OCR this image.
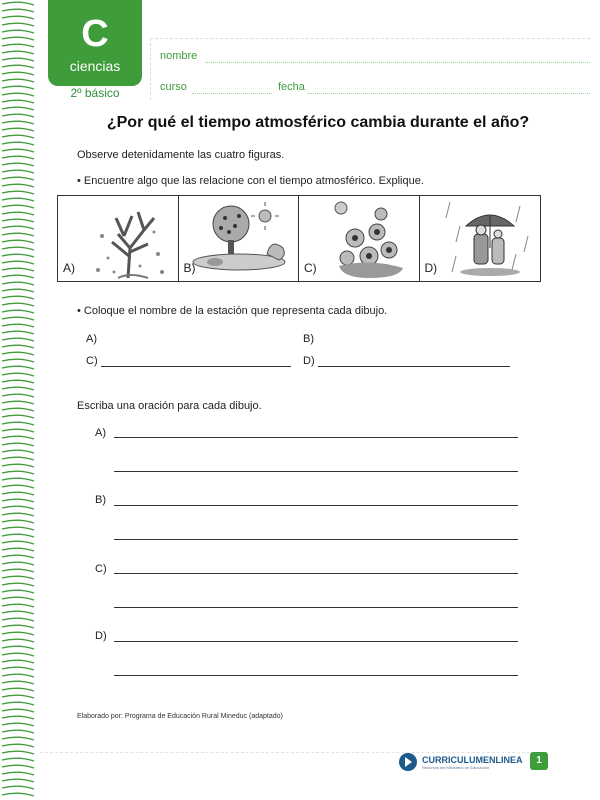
C
ciencias
2º básico
nombre
curso	fecha
¿Por qué el tiempo atmosférico cambia durante el año?
Observe detenidamente las cuatro figuras.
• Encuentre algo que las relacione con el tiempo atmosférico. Explique.
A)	B)	C)	D)
• Coloque el nombre de la estación que representa cada dibujo.
A)	B)
C)	D)
Escriba una oración para cada dibujo.
A)
B)
C)
D)
Elaborado por: Programa de Educación Rural Mineduc (adaptado)
CURRICULUMENLINEA
Recursos del Ministerio de Educación
1
